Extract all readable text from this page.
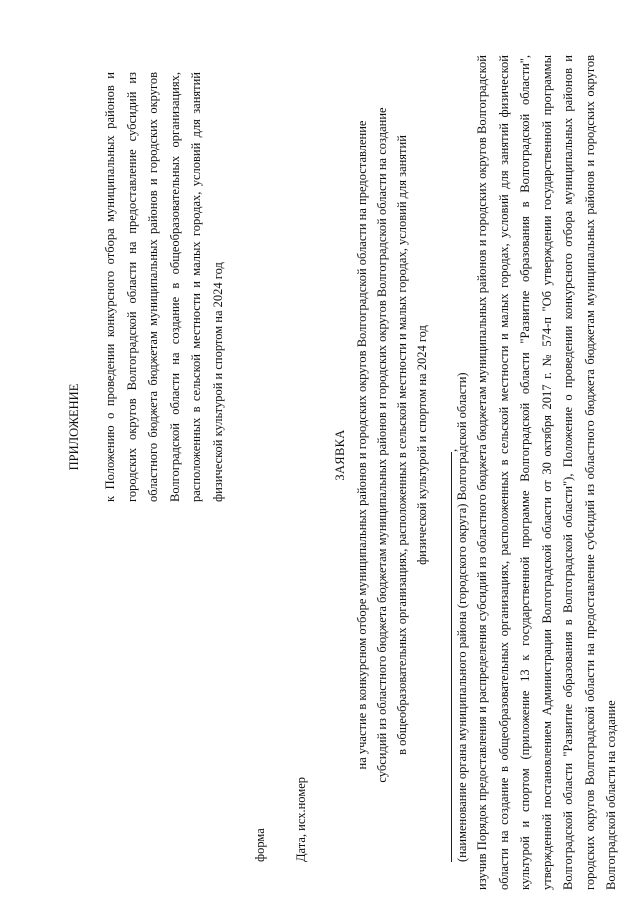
ПРИЛОЖЕНИЕ	к Положению о проведении конкурсного отбора муниципальных районов и городских округов Волгоградской области на предоставление субсидий из областного бюджета бюджетам муниципальных районов и городских округов Волгоградской области на создание в общеобразовательных организациях, расположенных в сельской местности и малых городах, условий для занятий физической культурой и спортом на 2024 год
форма	Дата, исх.номер
ЗАЯВКА на участие в конкурсном отборе муниципальных районов и городских округов Волгоградской области на предоставление субсидий из областного бюджета бюджетам муниципальных районов и городских округов Волгоградской области на создание в общеобразовательных организациях, расположенных в сельской местности и малых городах, условий для занятий физической культурой и спортом на 2024 год ,
(наименование органа муниципального района (городского округа) Волгоградской области) изучив Порядок предоставления и распределения субсидий из областного бюджета бюджетам муниципальных районов и городских округов Волгоградской области на создание в общеобразовательных организациях, расположенных в сельской местности и малых городах, условий для занятий физической культурой и спортом (приложение 13 к государственной программе Волгоградской области "Развитие образования в Волгоградской области", утвержденной постановлением Администрации Волгоградской области от 30 октября 2017 г. № 574-п "Об утверждении государственной программы Волгоградской области "Развитие образования в Волгоградской области"), Положение о проведении конкурсного отбора муниципальных районов и городских округов Волгоградской области на предоставление субсидий из областного бюджета бюджетам муниципальных районов и городских округов Волгоградской области на создание
